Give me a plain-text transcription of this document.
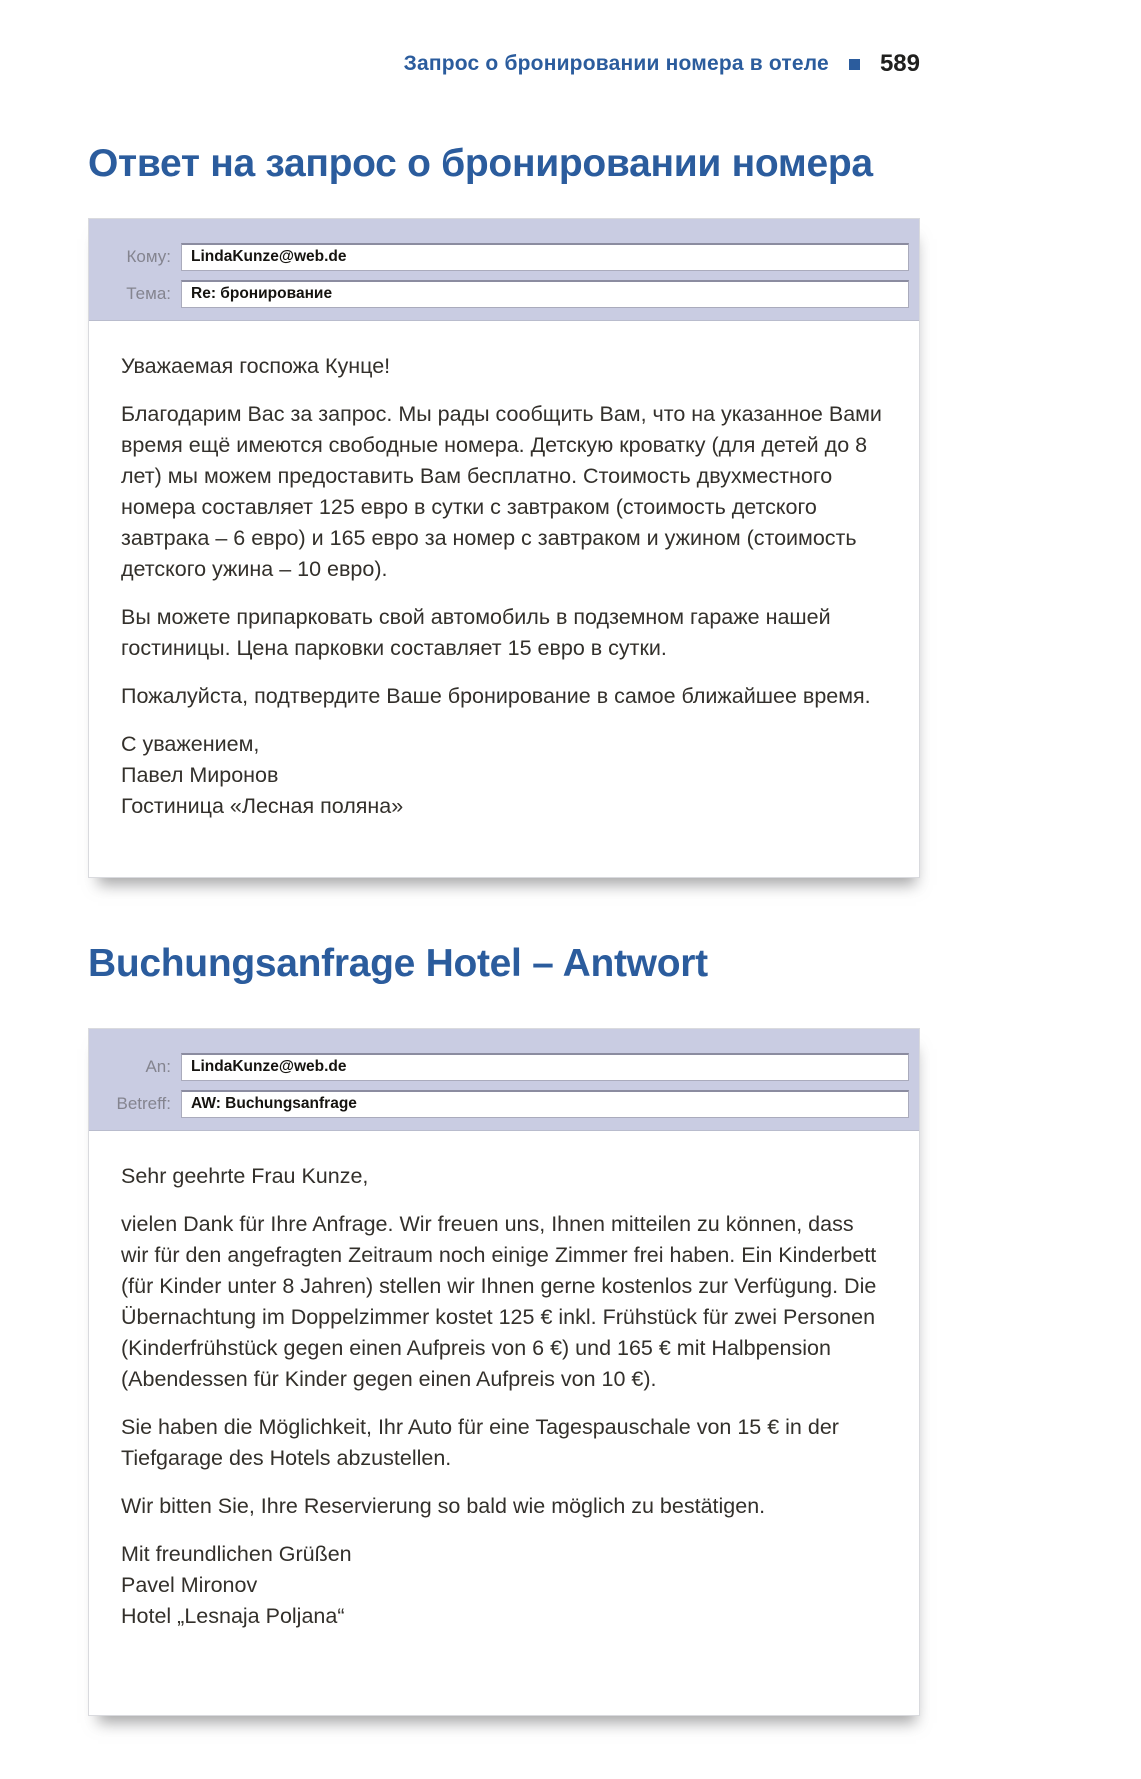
Запрос о бронировании номера в отеле 589
Ответ на запрос о бронировании номера
Кому:	LindaKunze@web.de
Тема:	Re: бронирование

Уважаемая госпожа Кунце!

Благодарим Вас за запрос. Мы рады сообщить Вам, что на указанное Вами время ещё имеются свободные номера. Детскую кроватку (для детей до 8 лет) мы можем предоставить Вам бесплатно. Стоимость двухместного номера составляет 125 евро в сутки с завтраком (стоимость детского завтрака – 6 евро) и 165 евро за номер с завтраком и ужином (стоимость детского ужина – 10 евро).

Вы можете припарковать свой автомобиль в подземном гараже нашей гостиницы. Цена парковки составляет 15 евро в сутки.

Пожалуйста, подтвердите Ваше бронирование в самое ближайшее время.

С уважением,
Павел Миронов
Гостиница «Лесная поляна»
Buchungsanfrage Hotel – Antwort
An:	LindaKunze@web.de
Betreff:	AW: Buchungsanfrage

Sehr geehrte Frau Kunze,

vielen Dank für Ihre Anfrage. Wir freuen uns, Ihnen mitteilen zu können, dass wir für den angefragten Zeitraum noch einige Zimmer frei haben. Ein Kinderbett (für Kinder unter 8 Jahren) stellen wir Ihnen gerne kostenlos zur Verfügung. Die Übernachtung im Doppelzimmer kostet 125 € inkl. Frühstück für zwei Personen (Kinderfrühstück gegen einen Aufpreis von 6 €) und 165 € mit Halbpension (Abendessen für Kinder gegen einen Aufpreis von 10 €).

Sie haben die Möglichkeit, Ihr Auto für eine Tagespauschale von 15 € in der Tiefgarage des Hotels abzustellen.

Wir bitten Sie, Ihre Reservierung so bald wie möglich zu bestätigen.

Mit freundlichen Grüßen
Pavel Mironov
Hotel „Lesnaja Poljana“
